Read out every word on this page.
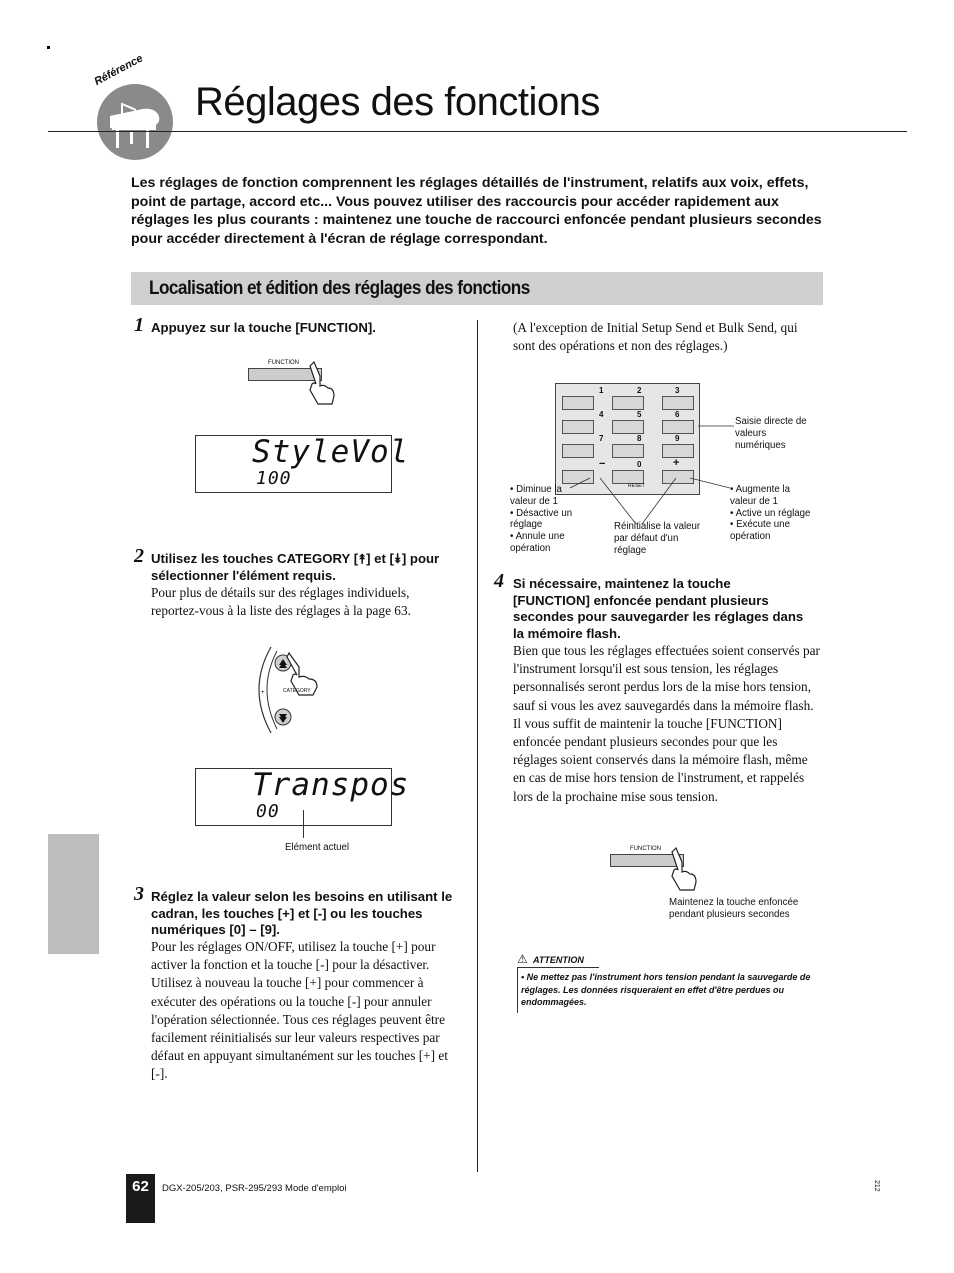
Référence
Réglages des fonctions
Les réglages de fonction comprennent les réglages détaillés de l'instrument, relatifs aux voix, effets, point de partage, accord etc... Vous pouvez utiliser des raccourcis pour accéder rapidement aux réglages les plus courants : maintenez une touche de raccourci enfoncée pendant plusieurs secondes pour accéder directement à l'écran de réglage correspondant.
Localisation et édition des réglages des fonctions
1 Appuyez sur la touche [FUNCTION].
FUNCTION
StyleVol
100
2 Utilisez les touches CATEGORY [⯭] et [⯯] pour sélectionner l'élément requis.
Pour plus de détails sur des réglages individuels, reportez-vous à la liste des réglages à la page 63.
+	CATEGORY
Transpos
00
Elément actuel
3 Réglez la valeur selon les besoins en utilisant le cadran, les touches [+] et [-] ou les touches numériques [0] – [9].
Pour les réglages ON/OFF, utilisez la touche [+] pour activer la fonction et la touche [-] pour la désactiver. Utilisez à nouveau la touche [+] pour commencer à exécuter des opérations ou la touche [-] pour annuler l'opération sélectionnée. Tous ces réglages peuvent être facilement réinitialisés sur leur valeurs respectives par défaut en appuyant simultanément sur les touches [+] et [-].
(A l'exception de Initial Setup Send et Bulk Send, qui sont des opérations et non des réglages.)
1	2	3
4	5	6
7	8	9
−	0	+
RESET
Saisie directe de valeurs numériques
• Diminue la valeur de 1
• Désactive un réglage
• Annule une opération
Réinitialise la valeur par défaut d'un réglage
• Augmente la valeur de 1
• Active un réglage
• Exécute une opération
4 Si nécessaire, maintenez la touche [FUNCTION] enfoncée pendant plusieurs secondes pour sauvegarder les réglages dans la mémoire flash.
Bien que tous les réglages effectuées soient conservés par l'instrument lorsqu'il est sous tension, les réglages personnalisés seront perdus lors de la mise hors tension, sauf si vous les avez sauvegardés dans la mémoire flash. Il vous suffit de maintenir la touche [FUNCTION] enfoncée pendant plusieurs secondes pour que les réglages soient conservés dans la mémoire flash, même en cas de mise hors tension de l'instrument, et rappelés lors de la prochaine mise sous tension.
FUNCTION
Maintenez la touche enfoncée pendant plusieurs secondes
⚠ ATTENTION
• Ne mettez pas l'instrument hors tension pendant la sauvegarde de réglages. Les données risqueraient en effet d'être perdues ou endommagées.
62	DGX-205/203, PSR-295/293 Mode d'emploi	212
